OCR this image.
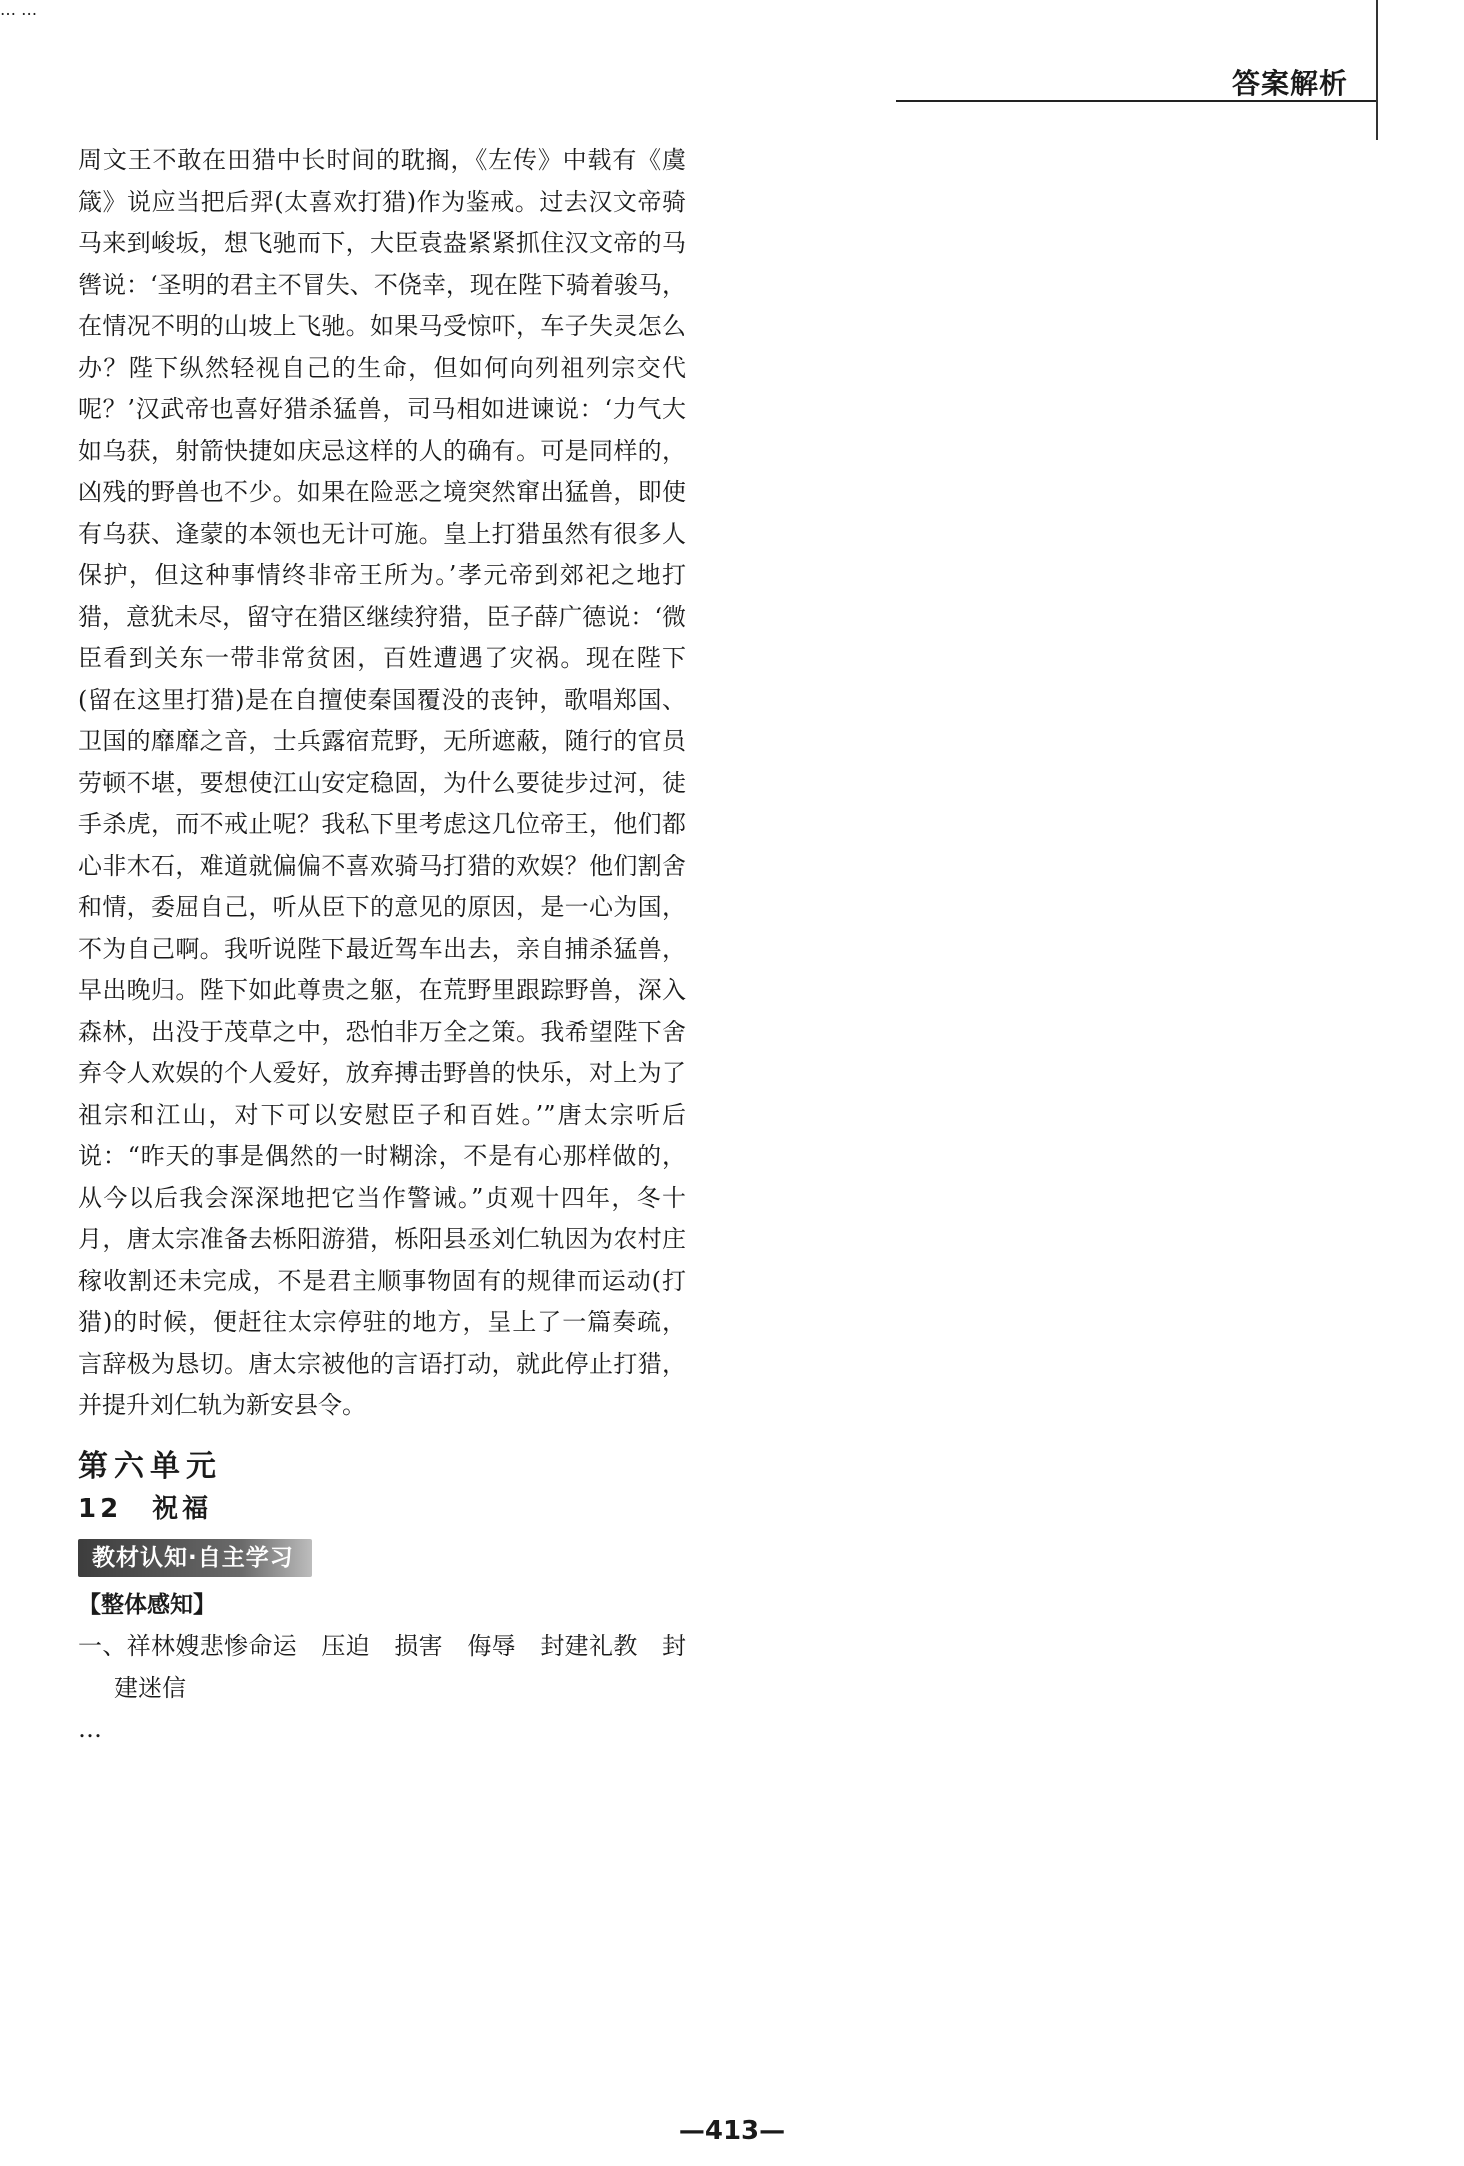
答案解析

周文王不敢在田猎中长时间的耽搁，《左传》中载有《虞箴》说应当把后羿(太喜欢打猎)作为鉴戒。过去汉文帝骑马来到峻坂，想飞驰而下，大臣袁盎紧紧抓住汉文帝的马辔说：‘圣明的君主不冒失、不侥幸，现在陛下骑着骏马，在情况不明的山坡上飞驰。如果马受惊吓，车子失灵怎么办？陛下纵然轻视自己的生命，但如何向列祖列宗交代呢？’汉武帝也喜好猎杀猛兽，司马相如进谏说：‘力气大如乌获，射箭快捷如庆忌这样的人的确有。可是同样的，凶残的野兽也不少。如果在险恶之境突然窜出猛兽，即使有乌获、逢蒙的本领也无计可施。皇上打猎虽然有很多人保护，但这种事情终非帝王所为。’孝元帝到郊祀之地打猎，意犹未尽，留守在猎区继续狩猎，臣子薛广德说：‘微臣看到关东一带非常贫困，百姓遭遇了灾祸。现在陛下(留在这里打猎)是在自擅使秦国覆没的丧钟，歌唱郑国、卫国的靡靡之音，士兵露宿荒野，无所遮蔽，随行的官员劳顿不堪，要想使江山安定稳固，为什么要徒步过河，徒手杀虎，而不戒止呢？我私下里考虑这几位帝王，他们都心非木石，难道就偏偏不喜欢骑马打猎的欢娱？他们割舍和情，委屈自己，听从臣下的意见的原因，是一心为国，不为自己啊。我听说陛下最近驾车出去，亲自捕杀猛兽，早出晚归。陛下如此尊贵之躯，在荒野里跟踪野兽，深入森林，出没于茂草之中，恐怕非万全之策。我希望陛下舍弃令人欢娱的个人爱好，放弃搏击野兽的快乐，对上为了祖宗和江山，对下可以安慰臣子和百姓。’”唐太宗听后说：“昨天的事是偶然的一时糊涂，不是有心那样做的，从今以后我会深深地把它当作警诫。”贞观十四年，冬十月，唐太宗准备去栎阳游猎，栎阳县丞刘仁轨因为农村庄稼收割还未完成，不是君主顺事物固有的规律而运动(打猎)的时候，便赶往太宗停驻的地方，呈上了一篇奏疏，言辞极为恳切。唐太宗被他的言语打动，就此停止打猎，并提升刘仁轨为新安县令。

第六单元

12　祝福

教材认知·自主学习

【整体感知】

一、祥林嫂悲惨命运　压迫　损害　侮辱　封建礼教　封建迷信

…
… …
—413—
